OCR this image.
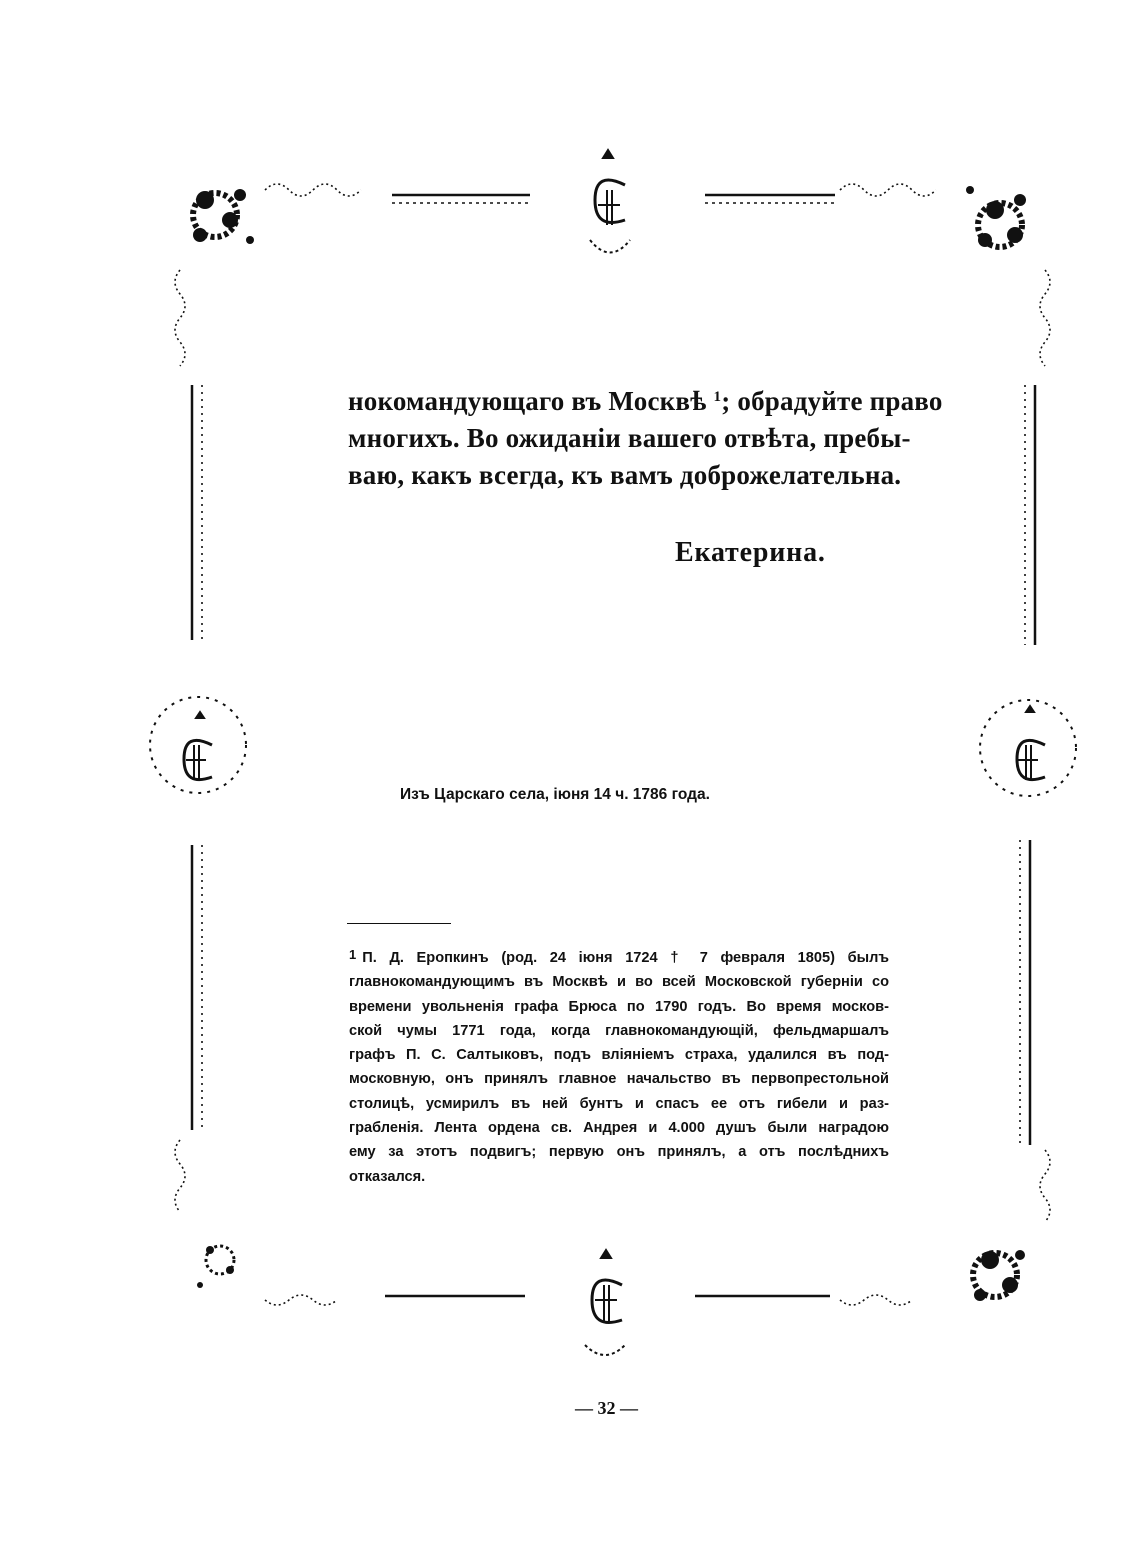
нокомандующаго въ Москвѣ $^1$; обрадуйте право
многихъ. Во ожиданіи вашего отвѣта, пребы-
ваю, какъ всегда, къ вамъ доброжелательна.
Екатерина.
Изъ Царскаго села, іюня 14 ч. 1786 года.
1 П. Д. Еропкинъ (род. 24 іюня 1724 † 7 февраля 1805) былъ
главнокомандующимъ въ Москвѣ и во всей Московской губерніи со
времени увольненія графа Брюса по 1790 годъ. Во время москов-
ской чумы 1771 года, когда главнокомандующій, фельдмаршалъ
графъ П. С. Салтыковъ, подъ вліяніемъ страха, удалился въ под-
московную, онъ принялъ главное начальство въ первопрестольной
столицѣ, усмирилъ въ ней бунтъ и спасъ ее отъ гибели и раз-
грабленія. Лента ордена св. Андрея и 4.000 душъ были наградою
ему за этотъ подвигъ; первую онъ принялъ, а отъ послѣднихъ
отказался.
— 32 —
